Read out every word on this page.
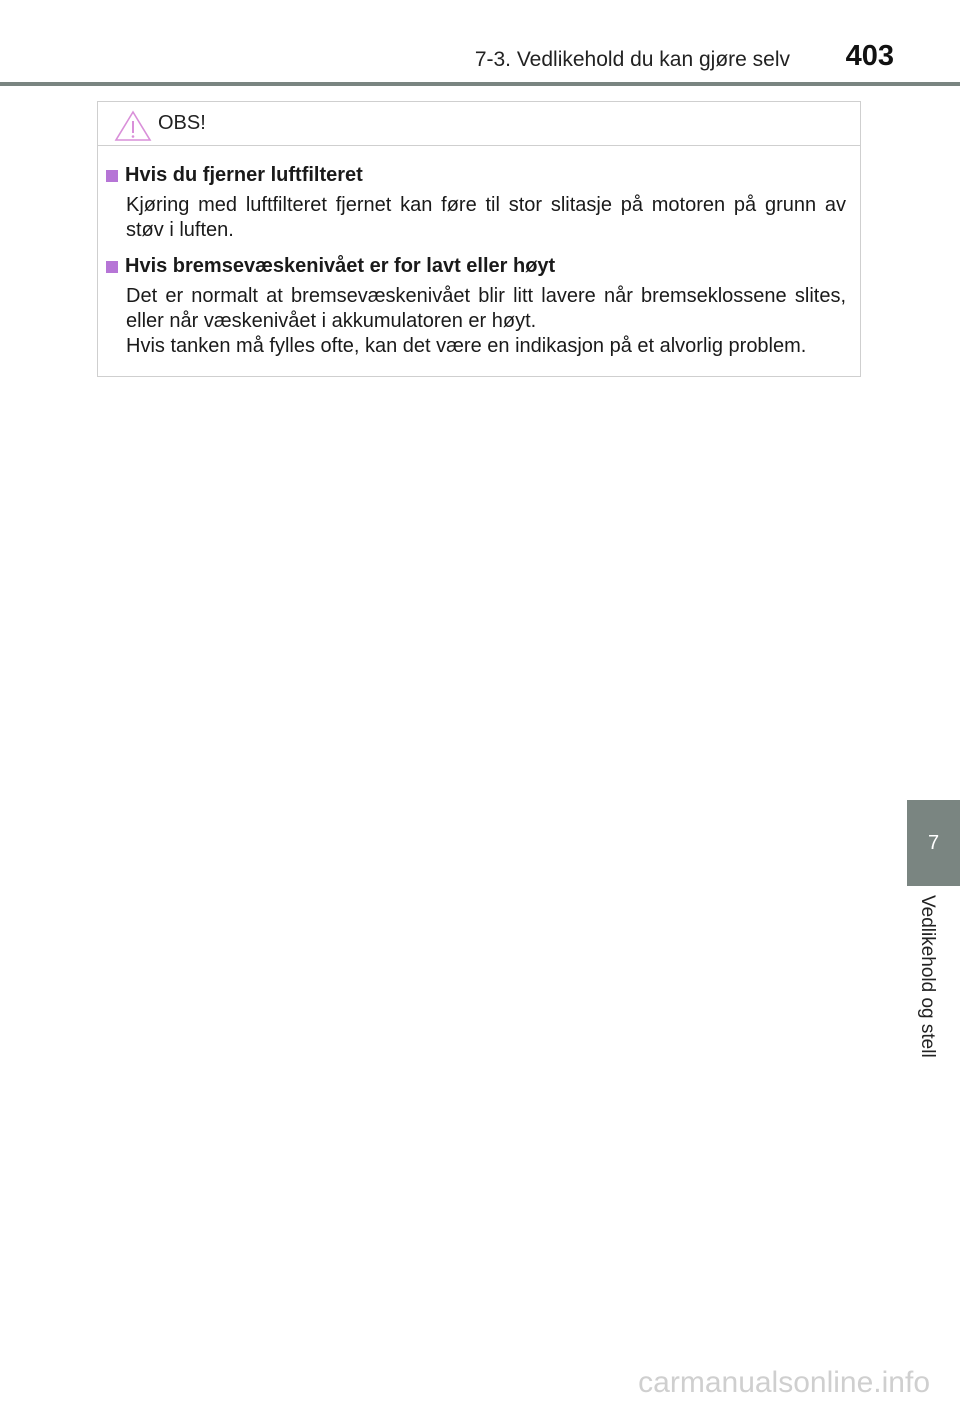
7-3. Vedlikehold du kan gjøre selv 403
OBS!
Hvis du fjerner luftfilteret

Kjøring med luftfilteret fjernet kan føre til stor slitasje på motoren på grunn av støv i luften.

Hvis bremsevæskenivået er for lavt eller høyt

Det er normalt at bremsevæskenivået blir litt lavere når bremseklossene slites, eller når væskenivået i akkumulatoren er høyt.

Hvis tanken må fylles ofte, kan det være en indikasjon på et alvorlig problem.

7
Vedlikehold og stell
carmanualsonline.info
